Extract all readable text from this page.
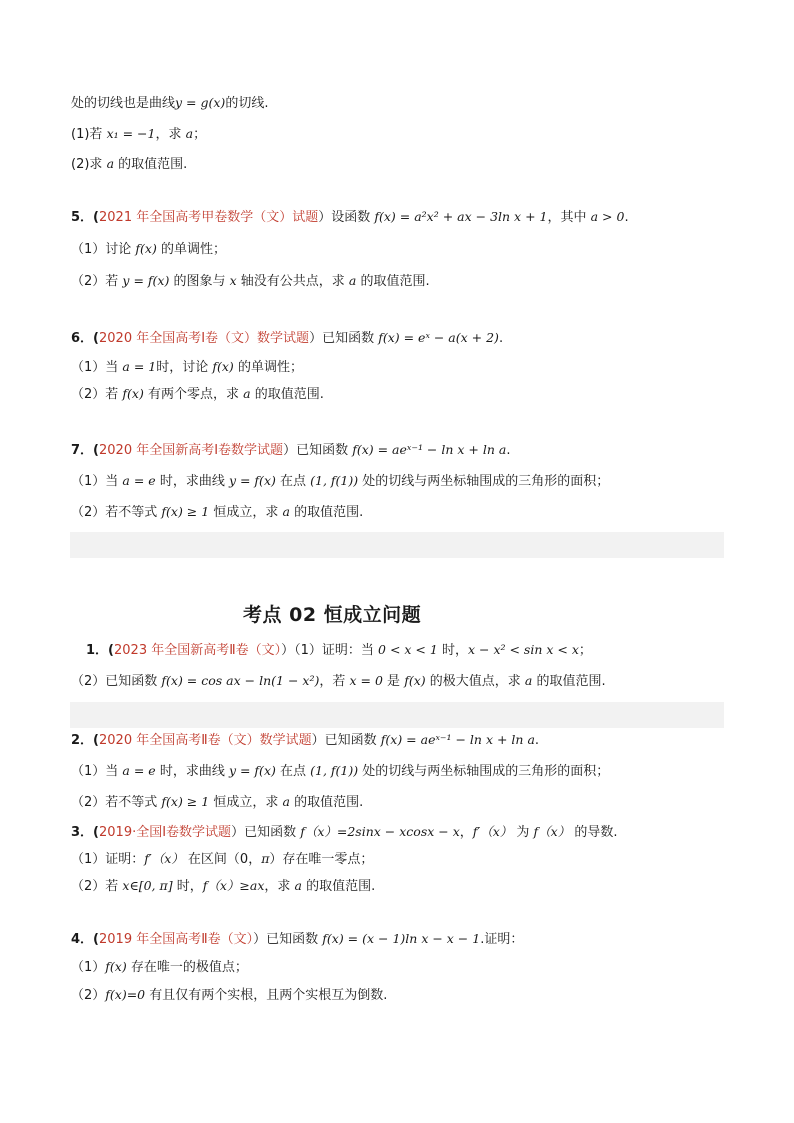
处的切线也是曲线y = g(x)的切线.
(1)若 x₁ = −1，求 a；
(2)求 a 的取值范围.
5．(2021 年全国高考甲卷数学（文）试题）设函数 f(x) = a²x² + ax − 3ln x + 1，其中 a > 0.
（1）讨论 f(x) 的单调性；
（2）若 y = f(x) 的图象与 x 轴没有公共点，求 a 的取值范围.
6．(2020 年全国高考Ⅰ卷（文）数学试题）已知函数 f(x) = eˣ − a(x + 2).
（1）当 a = 1时，讨论 f(x) 的单调性；
（2）若 f(x) 有两个零点，求 a 的取值范围.
7．(2020 年全国新高考Ⅰ卷数学试题）已知函数 f(x) = aeˣ⁻¹ − ln x + ln a.
（1）当 a = e 时，求曲线 y = f(x) 在点 (1, f(1)) 处的切线与两坐标轴围成的三角形的面积；
（2）若不等式 f(x) ≥ 1 恒成立，求 a 的取值范围.
考点 02 恒成立问题
1．(2023 年全国新高考Ⅱ卷（文））（1）证明：当 0 < x < 1 时，x − x² < sin x < x；
（2）已知函数 f(x) = cos ax − ln(1 − x²)，若 x = 0 是 f(x) 的极大值点，求 a 的取值范围.
2．(2020 年全国高考Ⅱ卷（文）数学试题）已知函数 f(x) = aeˣ⁻¹ − ln x + ln a.
（1）当 a = e 时，求曲线 y = f(x) 在点 (1, f(1)) 处的切线与两坐标轴围成的三角形的面积；
（2）若不等式 f(x) ≥ 1 恒成立，求 a 的取值范围.
3．(2019·全国Ⅰ卷数学试题）已知函数 f（x）=2sinx − xcosx − x，f′（x） 为 f（x） 的导数.
（1）证明：f′（x） 在区间（0，π）存在唯一零点；
（2）若 x∈[0, π] 时，f（x）≥ax，求 a 的取值范围.
4．(2019 年全国高考Ⅱ卷（文））已知函数 f(x) = (x − 1)ln x − x − 1.证明：
（1）f(x) 存在唯一的极值点；
（2）f(x)=0 有且仅有两个实根，且两个实根互为倒数.
